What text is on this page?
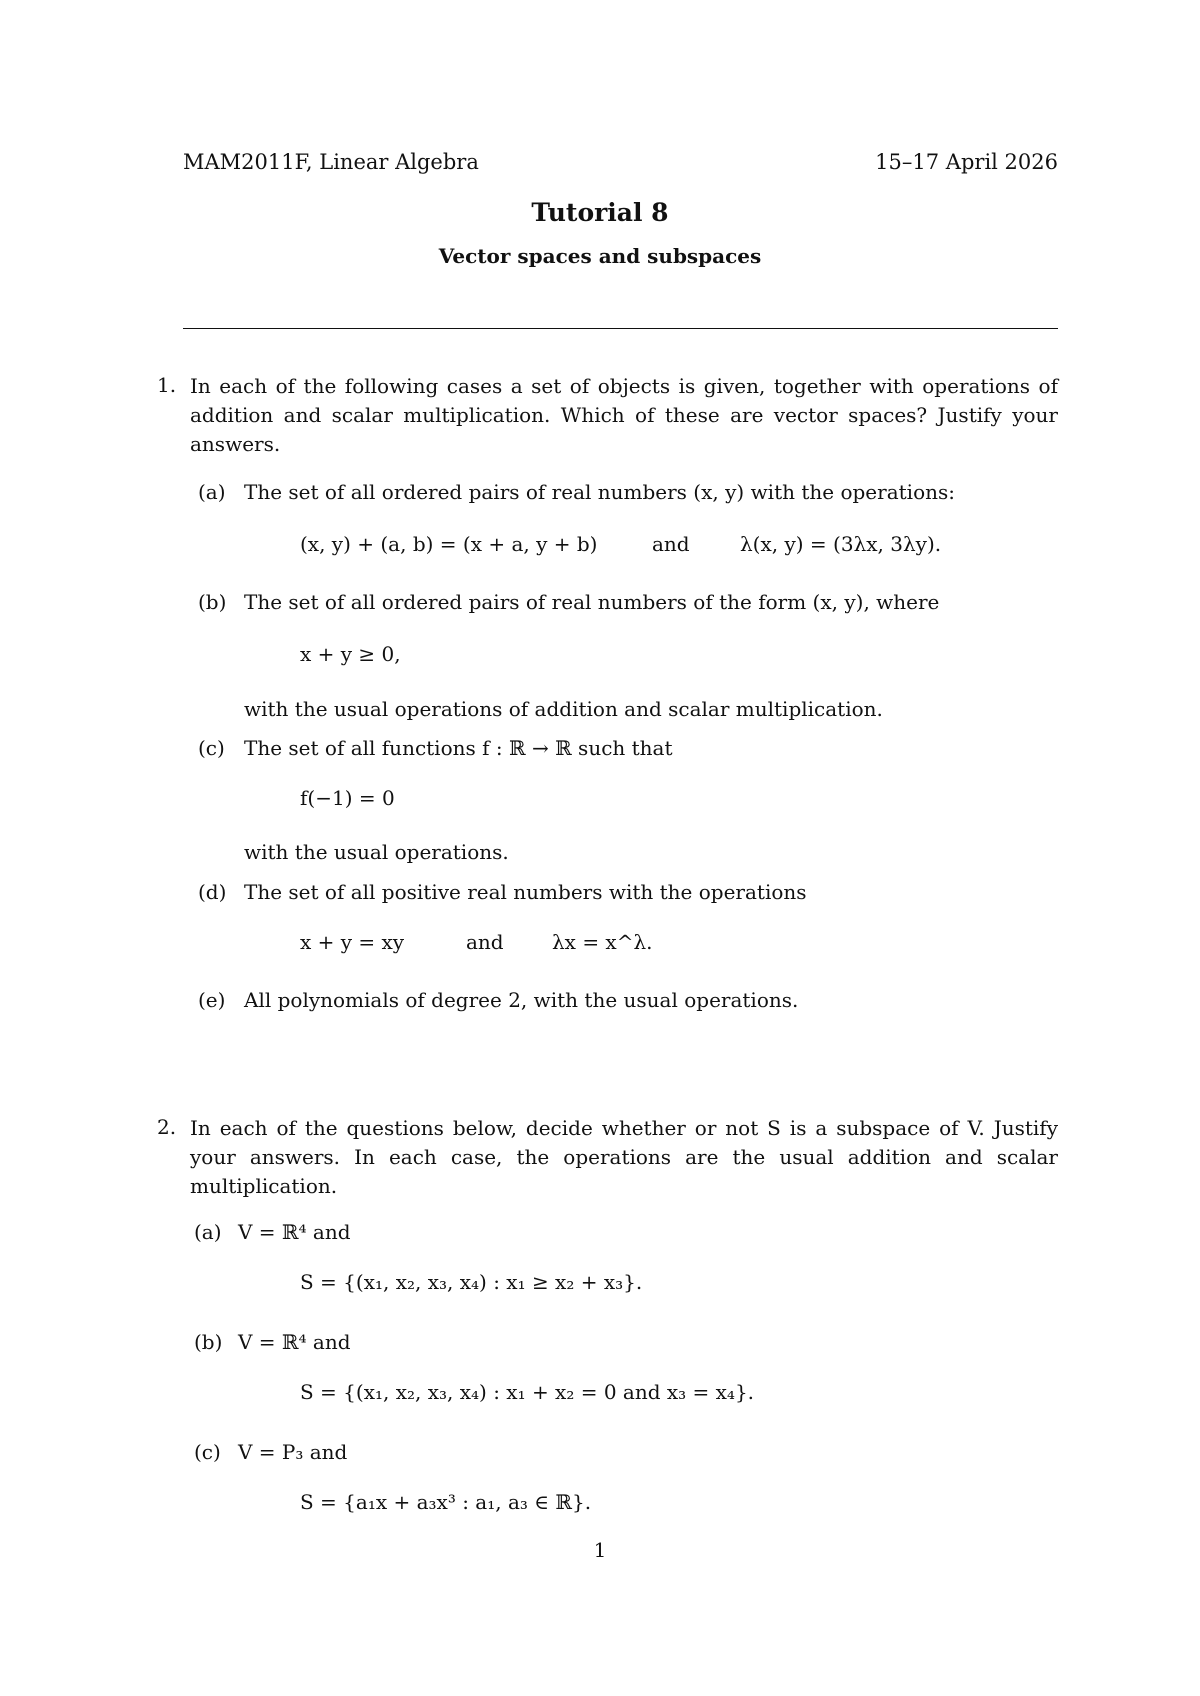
MAM2011F, Linear Algebra	15–17 April 2026
Tutorial 8
Vector spaces and subspaces
1. In each of the following cases a set of objects is given, together with operations of addition and scalar multiplication. Which of these are vector spaces? Justify your answers.
(a) The set of all ordered pairs of real numbers (x, y) with the operations:
(x, y) + (a, b) = (x + a, y + b)	and	λ(x, y) = (3λx, 3λy).
(b) The set of all ordered pairs of real numbers of the form (x, y), where
x + y ≥ 0,
with the usual operations of addition and scalar multiplication.
(c) The set of all functions f : ℝ → ℝ such that
f(−1) = 0
with the usual operations.
(d) The set of all positive real numbers with the operations
x + y = xy	and λx = x^λ.
(e) All polynomials of degree 2, with the usual operations.
2. In each of the questions below, decide whether or not S is a subspace of V. Justify your answers. In each case, the operations are the usual addition and scalar multiplication.
(a) V = ℝ⁴ and
S = {(x₁, x₂, x₃, x₄) : x₁ ≥ x₂ + x₃}.
(b) V = ℝ⁴ and
S = {(x₁, x₂, x₃, x₄) : x₁ + x₂ = 0 and x₃ = x₄}.
(c) V = P₃ and
S = {a₁x + a₃x³ : a₁, a₃ ∈ ℝ}.
1
